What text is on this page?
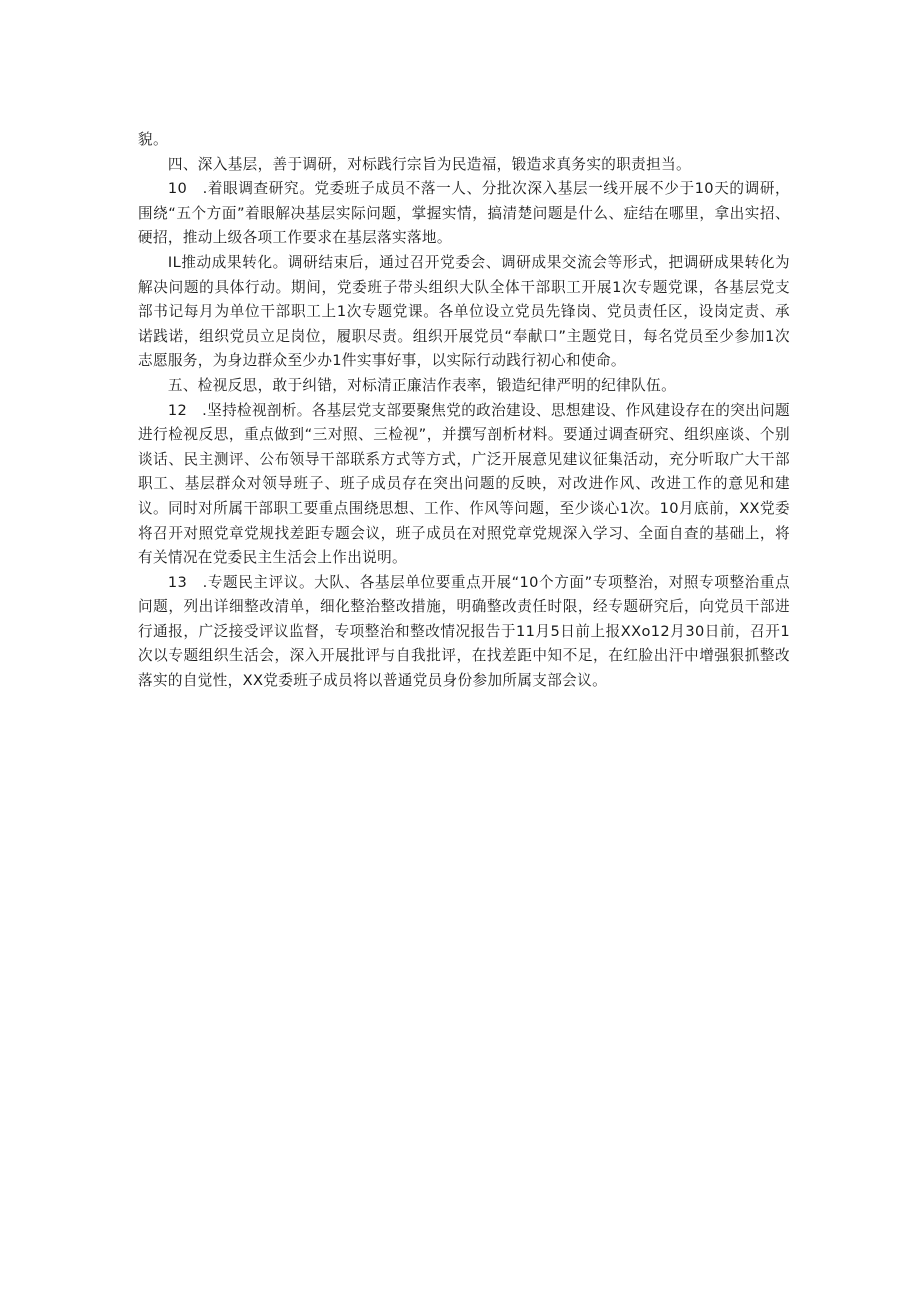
貌。

四、深入基层，善于调研，对标践行宗旨为民造福，锻造求真务实的职责担当。

10　.着眼调查研究。党委班子成员不落一人、分批次深入基层一线开展不少于10天的调研，围绕“五个方面”着眼解决基层实际问题，掌握实情，搞清楚问题是什么、症结在哪里，拿出实招、硬招，推动上级各项工作要求在基层落实落地。

IL推动成果转化。调研结束后，通过召开党委会、调研成果交流会等形式，把调研成果转化为解决问题的具体行动。期间，党委班子带头组织大队全体干部职工开展1次专题党课，各基层党支部书记每月为单位干部职工上1次专题党课。各单位设立党员先锋岗、党员责任区，设岗定责、承诺践诺，组织党员立足岗位，履职尽责。组织开展党员“奉献口”主题党日，每名党员至少参加1次志愿服务，为身边群众至少办1件实事好事，以实际行动践行初心和使命。

五、检视反思，敢于纠错，对标清正廉洁作表率，锻造纪律严明的纪律队伍。

12　.坚持检视剖析。各基层党支部要聚焦党的政治建设、思想建设、作风建设存在的突出问题进行检视反思，重点做到“三对照、三检视”，并撰写剖析材料。要通过调查研究、组织座谈、个别谈话、民主测评、公布领导干部联系方式等方式，广泛开展意见建议征集活动，充分听取广大干部职工、基层群众对领导班子、班子成员存在突出问题的反映，对改进作风、改进工作的意见和建议。同时对所属干部职工要重点围绕思想、工作、作风等问题，至少谈心1次。10月底前，XX党委将召开对照党章党规找差距专题会议，班子成员在对照党章党规深入学习、全面自查的基础上，将有关情况在党委民主生活会上作出说明。

13　.专题民主评议。大队、各基层单位要重点开展“10个方面”专项整治，对照专项整治重点问题，列出详细整改清单，细化整治整改措施，明确整改责任时限，经专题研究后，向党员干部进行通报，广泛接受评议监督，专项整治和整改情况报告于11月5日前上报XXo12月30日前，召开1次以专题组织生活会，深入开展批评与自我批评，在找差距中知不足，在红脸出汗中增强狠抓整改落实的自觉性，XX党委班子成员将以普通党员身份参加所属支部会议。
